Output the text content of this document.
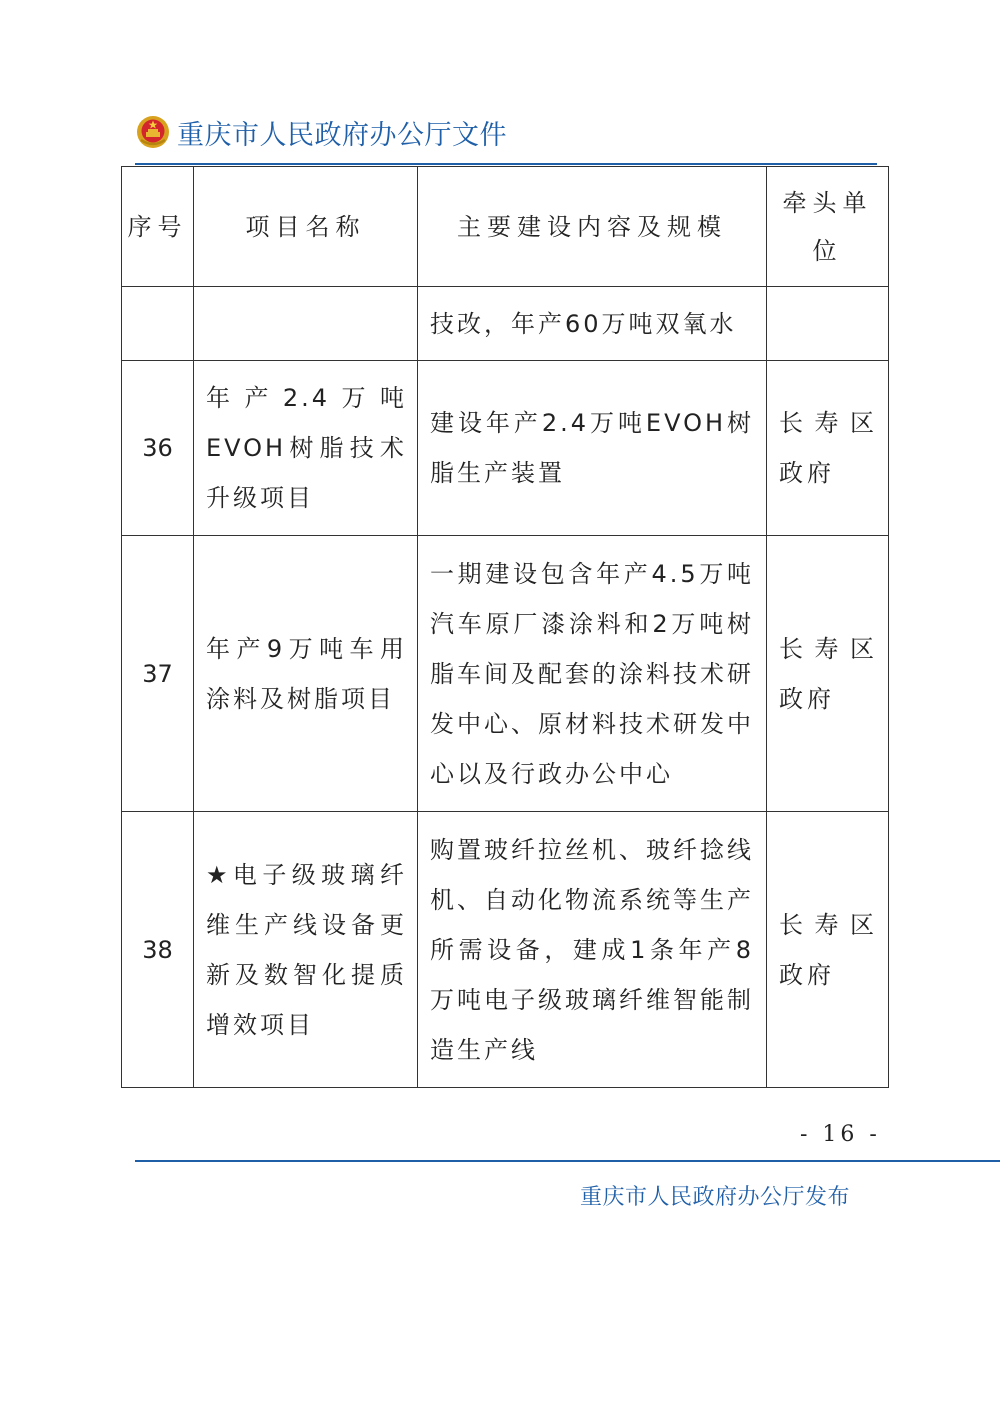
重庆市人民政府办公厅文件
序号	项目名称	主要建设内容及规模	牵头单位
		技改，年产60万吨双氧水	
36	年产2.4万吨EVOH树脂技术升级项目	建设年产2.4万吨EVOH树脂生产装置	长寿区政府
37	年产9万吨车用涂料及树脂项目	一期建设包含年产4.5万吨汽车原厂漆涂料和2万吨树脂车间及配套的涂料技术研发中心、原材料技术研发中心以及行政办公中心	长寿区政府
38	★电子级玻璃纤维生产线设备更新及数智化提质增效项目	购置玻纤拉丝机、玻纤捻线机、自动化物流系统等生产所需设备，建成1条年产8万吨电子级玻璃纤维智能制造生产线	长寿区政府
- 16 -
重庆市人民政府办公厅发布
